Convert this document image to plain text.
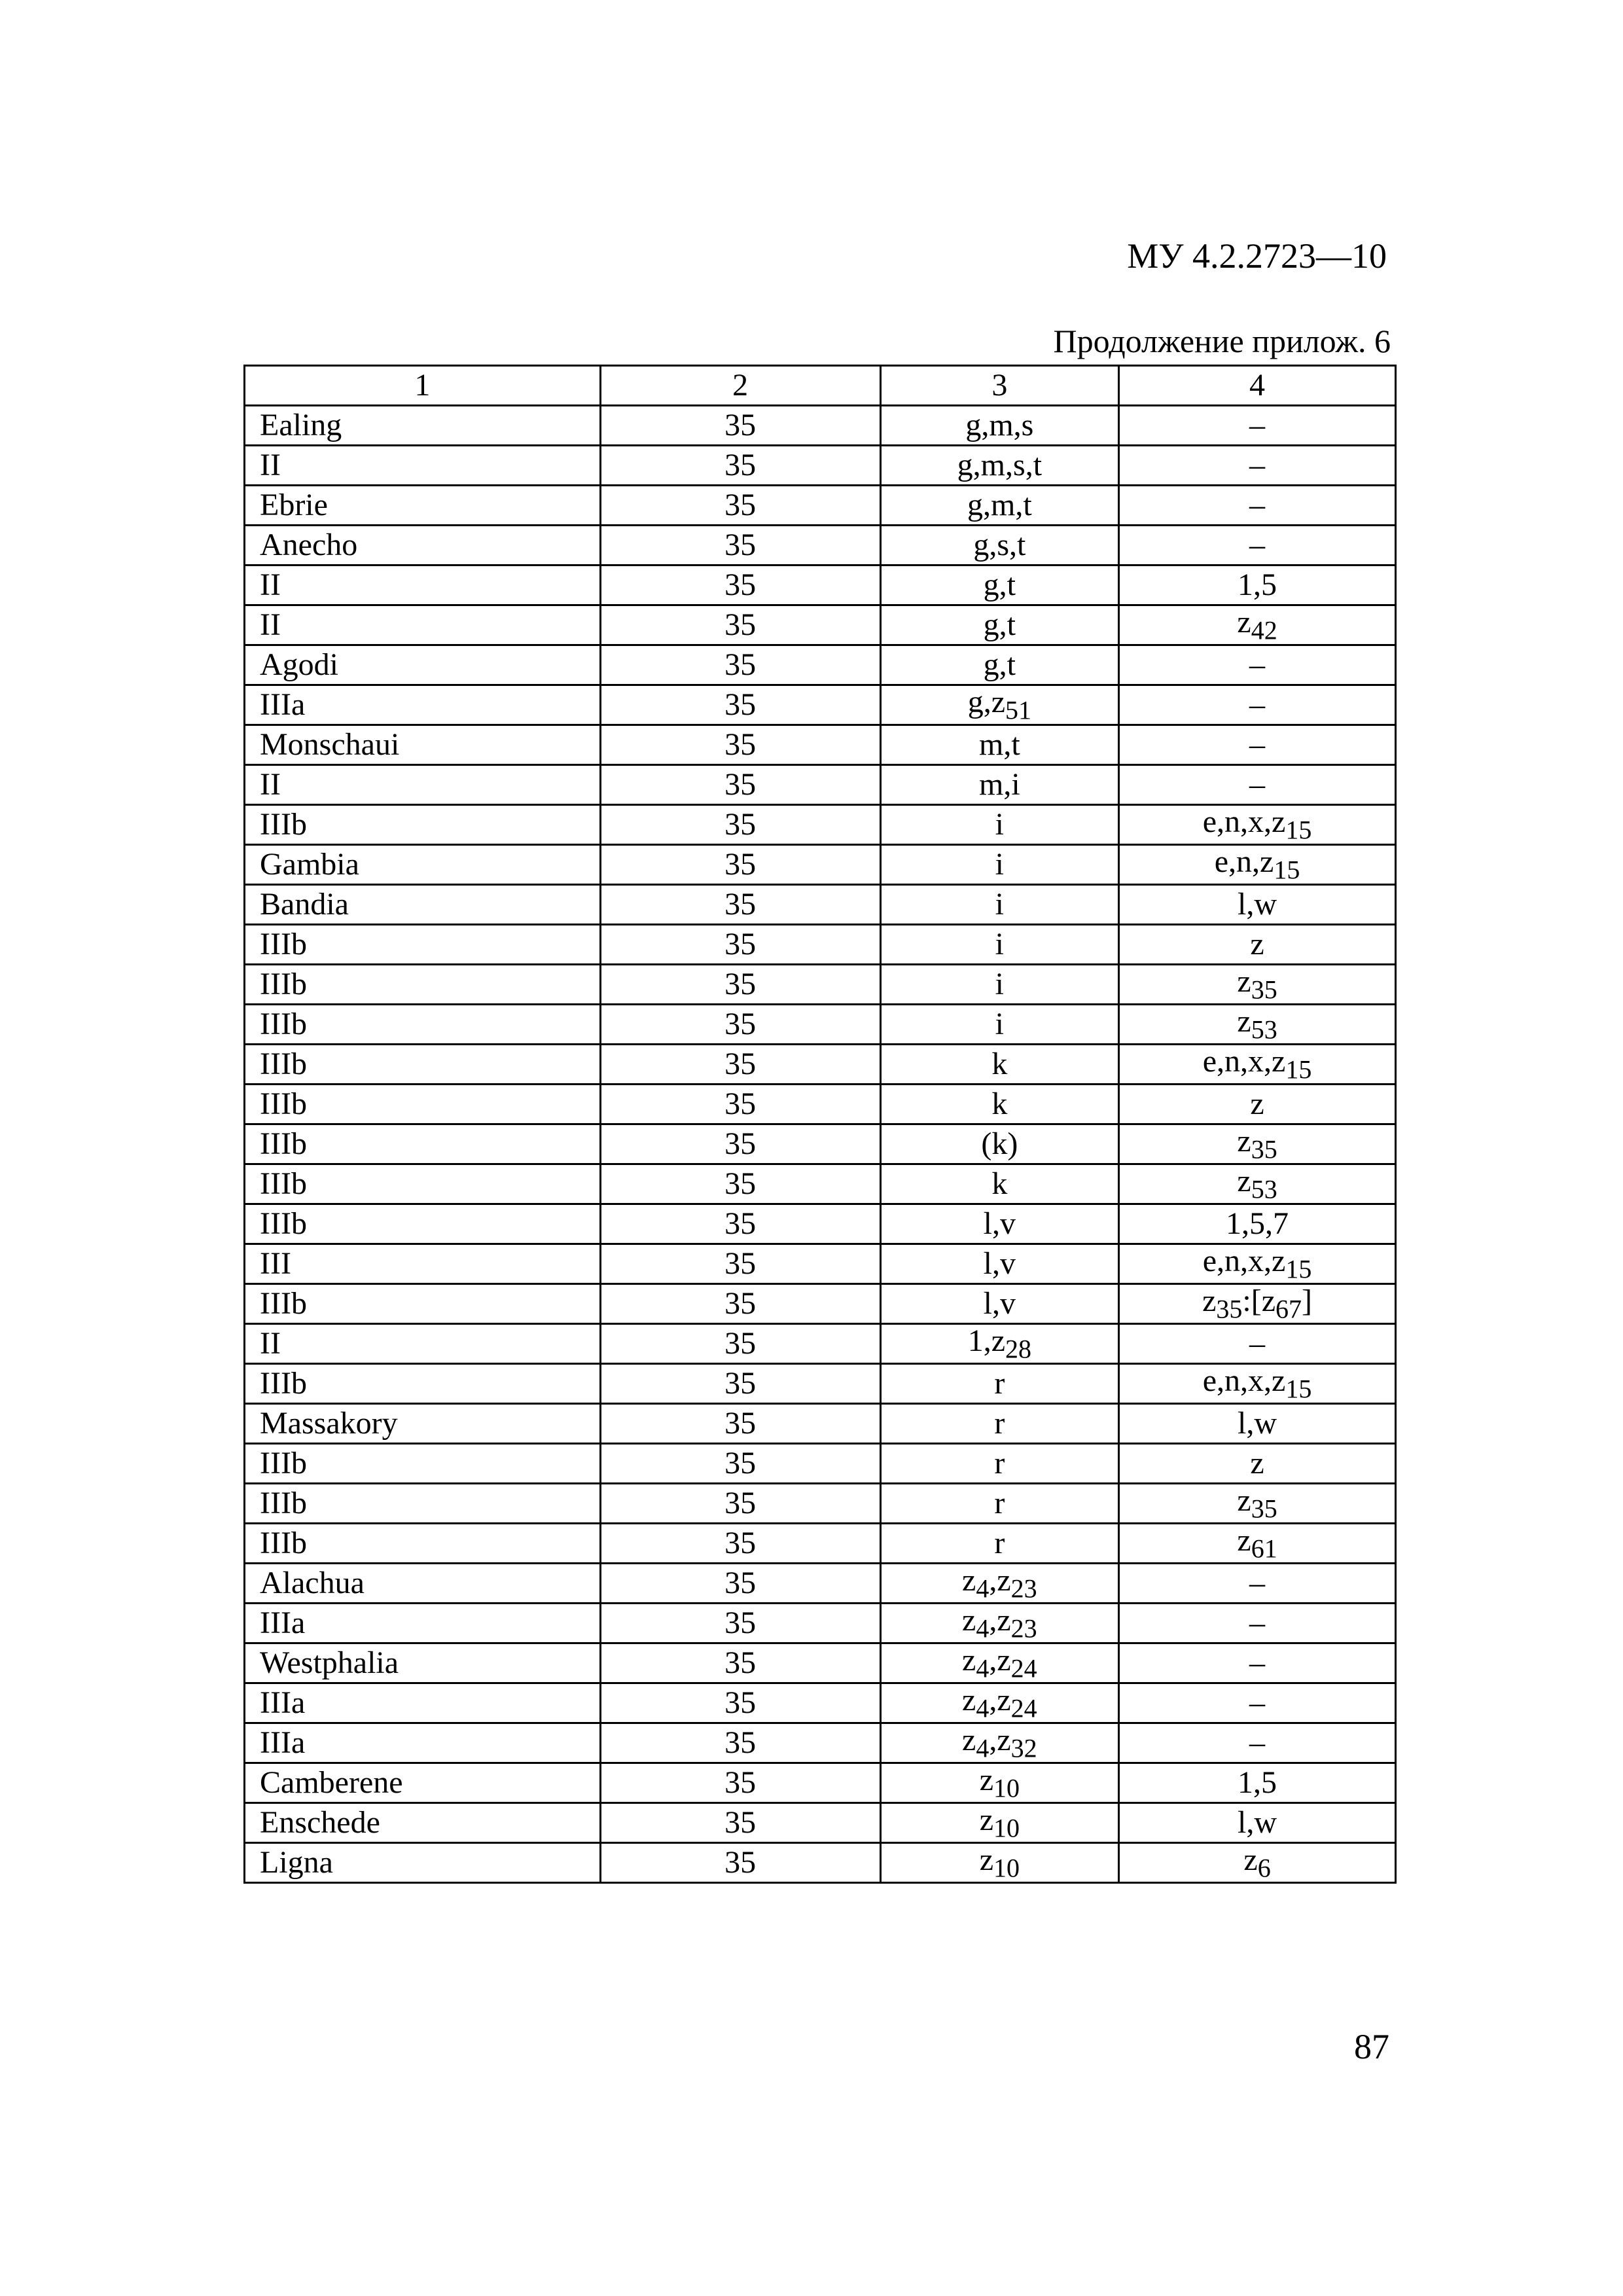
МУ 4.2.2723—10
Продолжение прилож. 6
1	2	3	4
Ealing	35	g,m,s	–
II	35	g,m,s,t	–
Ebrie	35	g,m,t	–
Anecho	35	g,s,t	–
II	35	g,t	1,5
II	35	g,t	$z_{42}$
Agodi	35	g,t	–
IIIa	35	$g,z_{51}$	–
Monschaui	35	m,t	–
II	35	m,i	–
IIIb	35	i	$e,n,x,z_{15}$
Gambia	35	i	$e,n,z_{15}$
Bandia	35	i	l,w
IIIb	35	i	z
IIIb	35	i	$z_{35}$
IIIb	35	i	$z_{53}$
IIIb	35	k	$e,n,x,z_{15}$
IIIb	35	k	z
IIIb	35	(k)	$z_{35}$
IIIb	35	k	$z_{53}$
IIIb	35	l,v	1,5,7
III	35	l,v	$e,n,x,z_{15}$
IIIb	35	l,v	$z_{35}:[z_{67}]$
II	35	$1,z_{28}$	–
IIIb	35	r	$e,n,x,z_{15}$
Massakory	35	r	l,w
IIIb	35	r	z
IIIb	35	r	$z_{35}$
IIIb	35	r	$z_{61}$
Alachua	35	$z_4,z_{23}$	–
IIIa	35	$z_4,z_{23}$	–
Westphalia	35	$z_4,z_{24}$	–
IIIa	35	$z_4,z_{24}$	–
IIIa	35	$z_4,z_{32}$	–
Camberene	35	$z_{10}$	1,5
Enschede	35	$z_{10}$	l,w
Ligna	35	$z_{10}$	$z_6$
87
